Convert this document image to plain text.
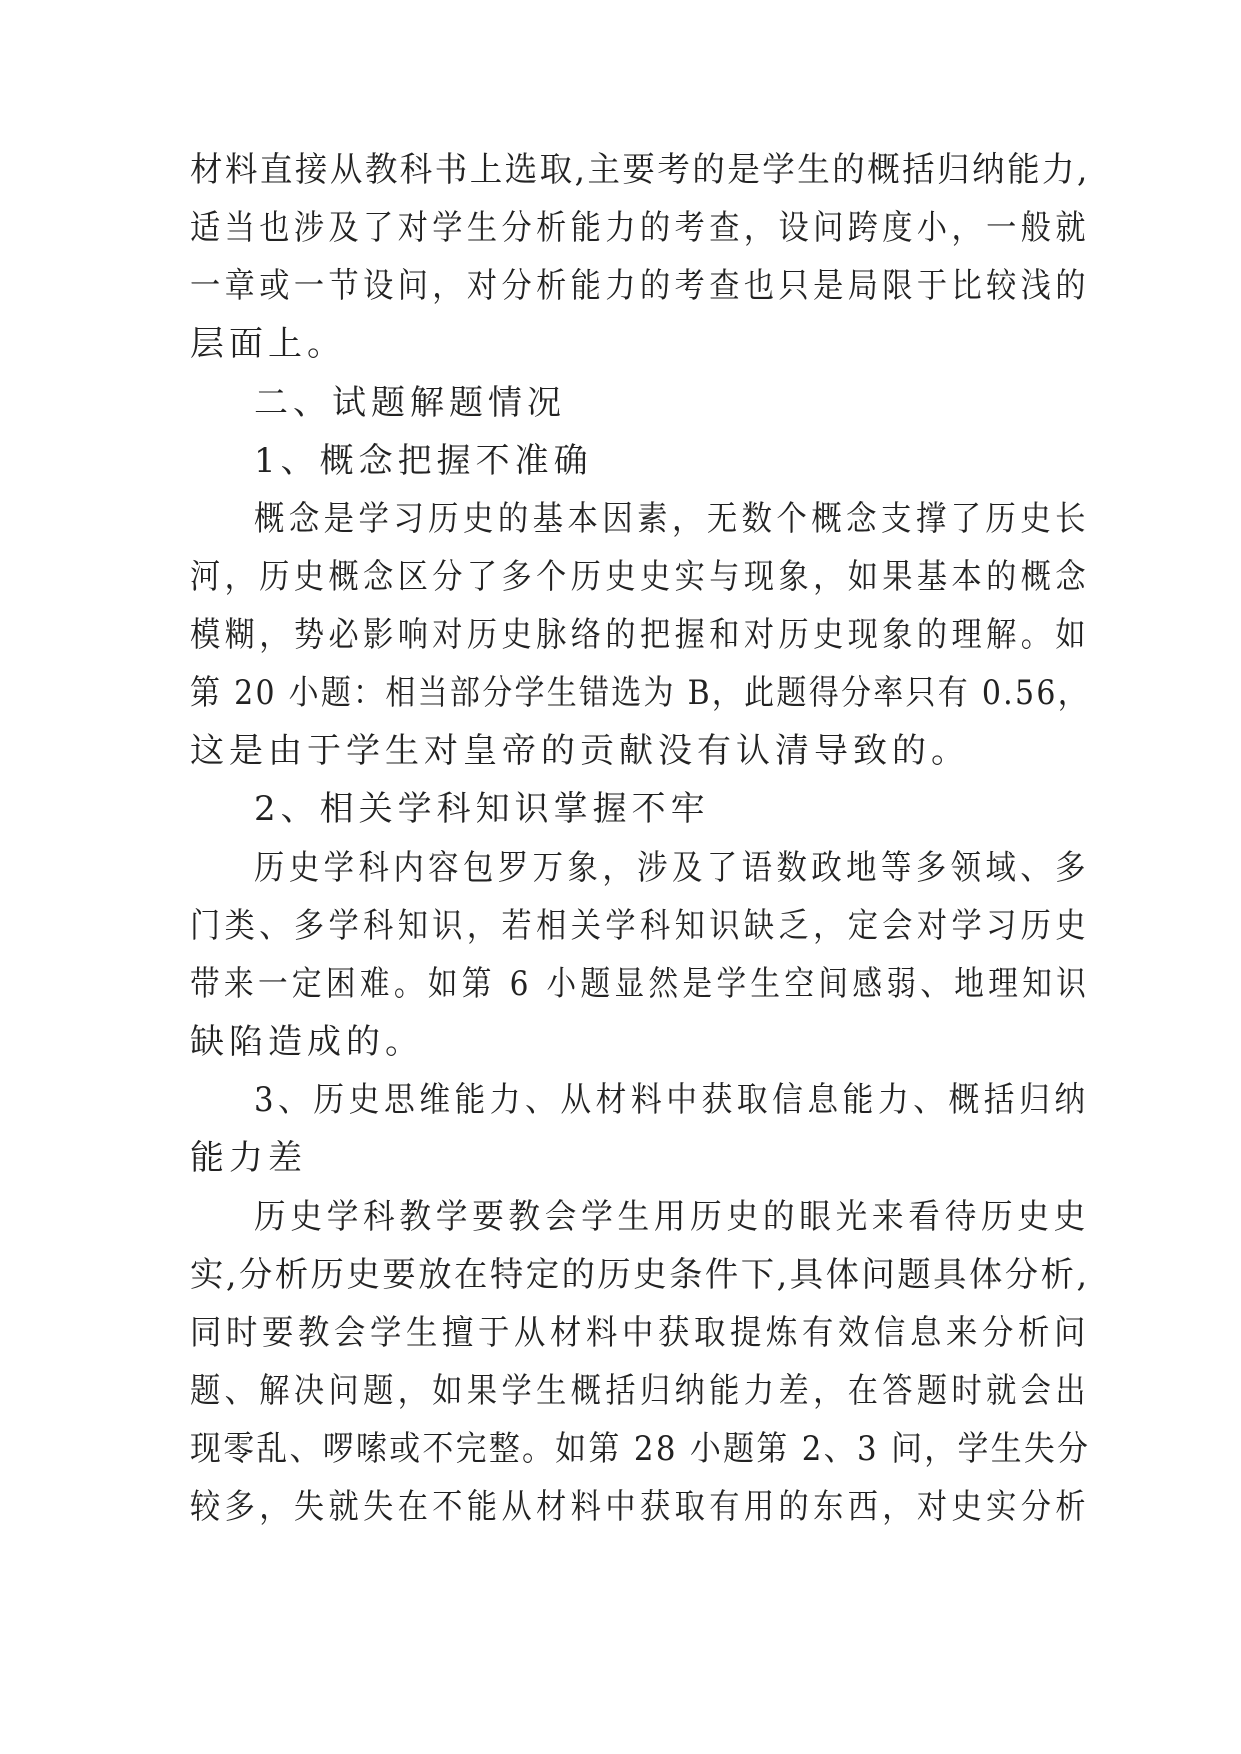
材料直接从教科书上选取,主要考的是学生的概括归纳能力,
适当也涉及了对学生分析能力的考查，设问跨度小，一般就
一章或一节设问，对分析能力的考查也只是局限于比较浅的
层面上。
二、试题解题情况
1、概念把握不准确
概念是学习历史的基本因素，无数个概念支撑了历史长
河，历史概念区分了多个历史史实与现象，如果基本的概念
模糊，势必影响对历史脉络的把握和对历史现象的理解。如
第 20 小题：相当部分学生错选为 B，此题得分率只有 0.56，
这是由于学生对皇帝的贡献没有认清导致的。
2、相关学科知识掌握不牢
历史学科内容包罗万象，涉及了语数政地等多领域、多
门类、多学科知识，若相关学科知识缺乏，定会对学习历史
带来一定困难。如第 6 小题显然是学生空间感弱、地理知识
缺陷造成的。
3、历史思维能力、从材料中获取信息能力、概括归纳
能力差
历史学科教学要教会学生用历史的眼光来看待历史史
实,分析历史要放在特定的历史条件下,具体问题具体分析,
同时要教会学生擅于从材料中获取提炼有效信息来分析问
题、解决问题，如果学生概括归纳能力差，在答题时就会出
现零乱、啰嗦或不完整。如第 28 小题第 2、3 问，学生失分
较多，失就失在不能从材料中获取有用的东西，对史实分析
